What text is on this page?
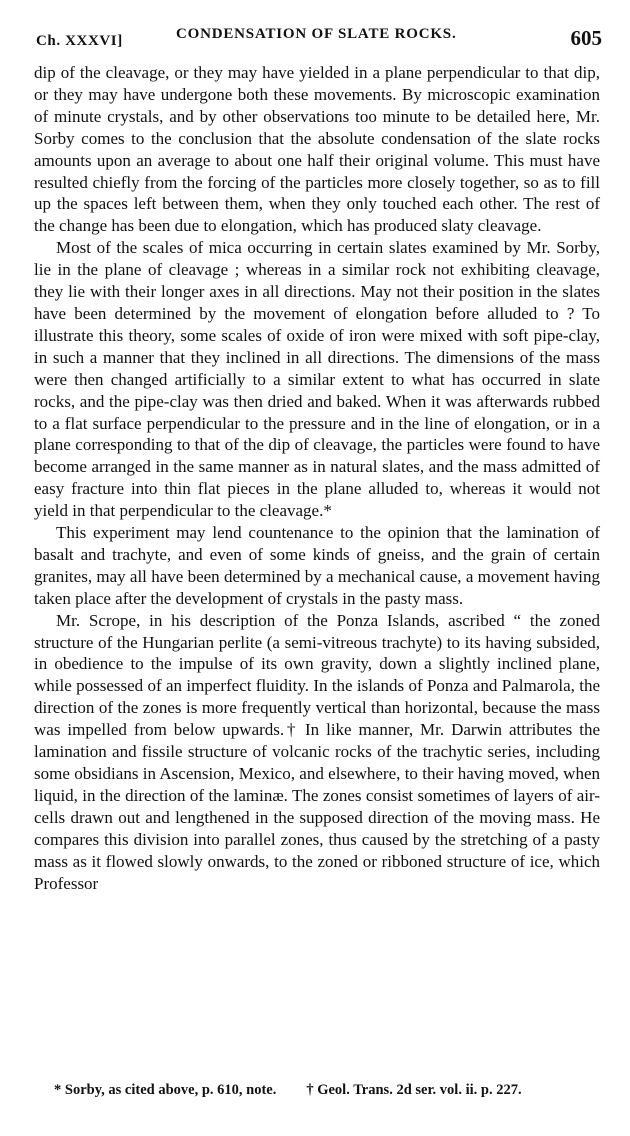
Ch. XXXVI]	CONDENSATION OF SLATE ROCKS.	605

dip of the cleavage, or they may have yielded in a plane perpendicular to that dip, or they may have undergone both these movements. By microscopic examination of minute crystals, and by other observations too minute to be detailed here, Mr. Sorby comes to the conclusion that the absolute condensation of the slate rocks amounts upon an average to about one half their original volume. This must have resulted chiefly from the forcing of the particles more closely together, so as to fill up the spaces left between them, when they only touched each other. The rest of the change has been due to elongation, which has produced slaty cleavage.

Most of the scales of mica occurring in certain slates examined by Mr. Sorby, lie in the plane of cleavage ; whereas in a similar rock not exhibiting cleavage, they lie with their longer axes in all directions. May not their position in the slates have been determined by the movement of elongation before alluded to ? To illustrate this theory, some scales of oxide of iron were mixed with soft pipe-clay, in such a manner that they inclined in all directions. The dimensions of the mass were then changed artificially to a similar extent to what has occurred in slate rocks, and the pipe-clay was then dried and baked. When it was afterwards rubbed to a flat surface perpendicular to the pressure and in the line of elongation, or in a plane corresponding to that of the dip of cleavage, the particles were found to have become arranged in the same manner as in natural slates, and the mass admitted of easy fracture into thin flat pieces in the plane alluded to, whereas it would not yield in that perpendicular to the cleavage.*

This experiment may lend countenance to the opinion that the lamination of basalt and trachyte, and even of some kinds of gneiss, and the grain of certain granites, may all have been determined by a mechanical cause, a movement having taken place after the development of crystals in the pasty mass.

Mr. Scrope, in his description of the Ponza Islands, ascribed “ the zoned structure of the Hungarian perlite (a semi-vitreous trachyte) to its having subsided, in obedience to the impulse of its own gravity, down a slightly inclined plane, while possessed of an imperfect fluidity. In the islands of Ponza and Palmarola, the direction of the zones is more frequently vertical than horizontal, because the mass was impelled from below upwards.† In like manner, Mr. Darwin attributes the lamination and fissile structure of volcanic rocks of the trachytic series, including some obsidians in Ascension, Mexico, and elsewhere, to their having moved, when liquid, in the direction of the laminæ. The zones consist sometimes of layers of air-cells drawn out and lengthened in the supposed direction of the moving mass. He compares this division into parallel zones, thus caused by the stretching of a pasty mass as it flowed slowly onwards, to the zoned or ribboned structure of ice, which Professor

* Sorby, as cited above, p. 610, note. † Geol. Trans. 2d ser. vol. ii. p. 227.
